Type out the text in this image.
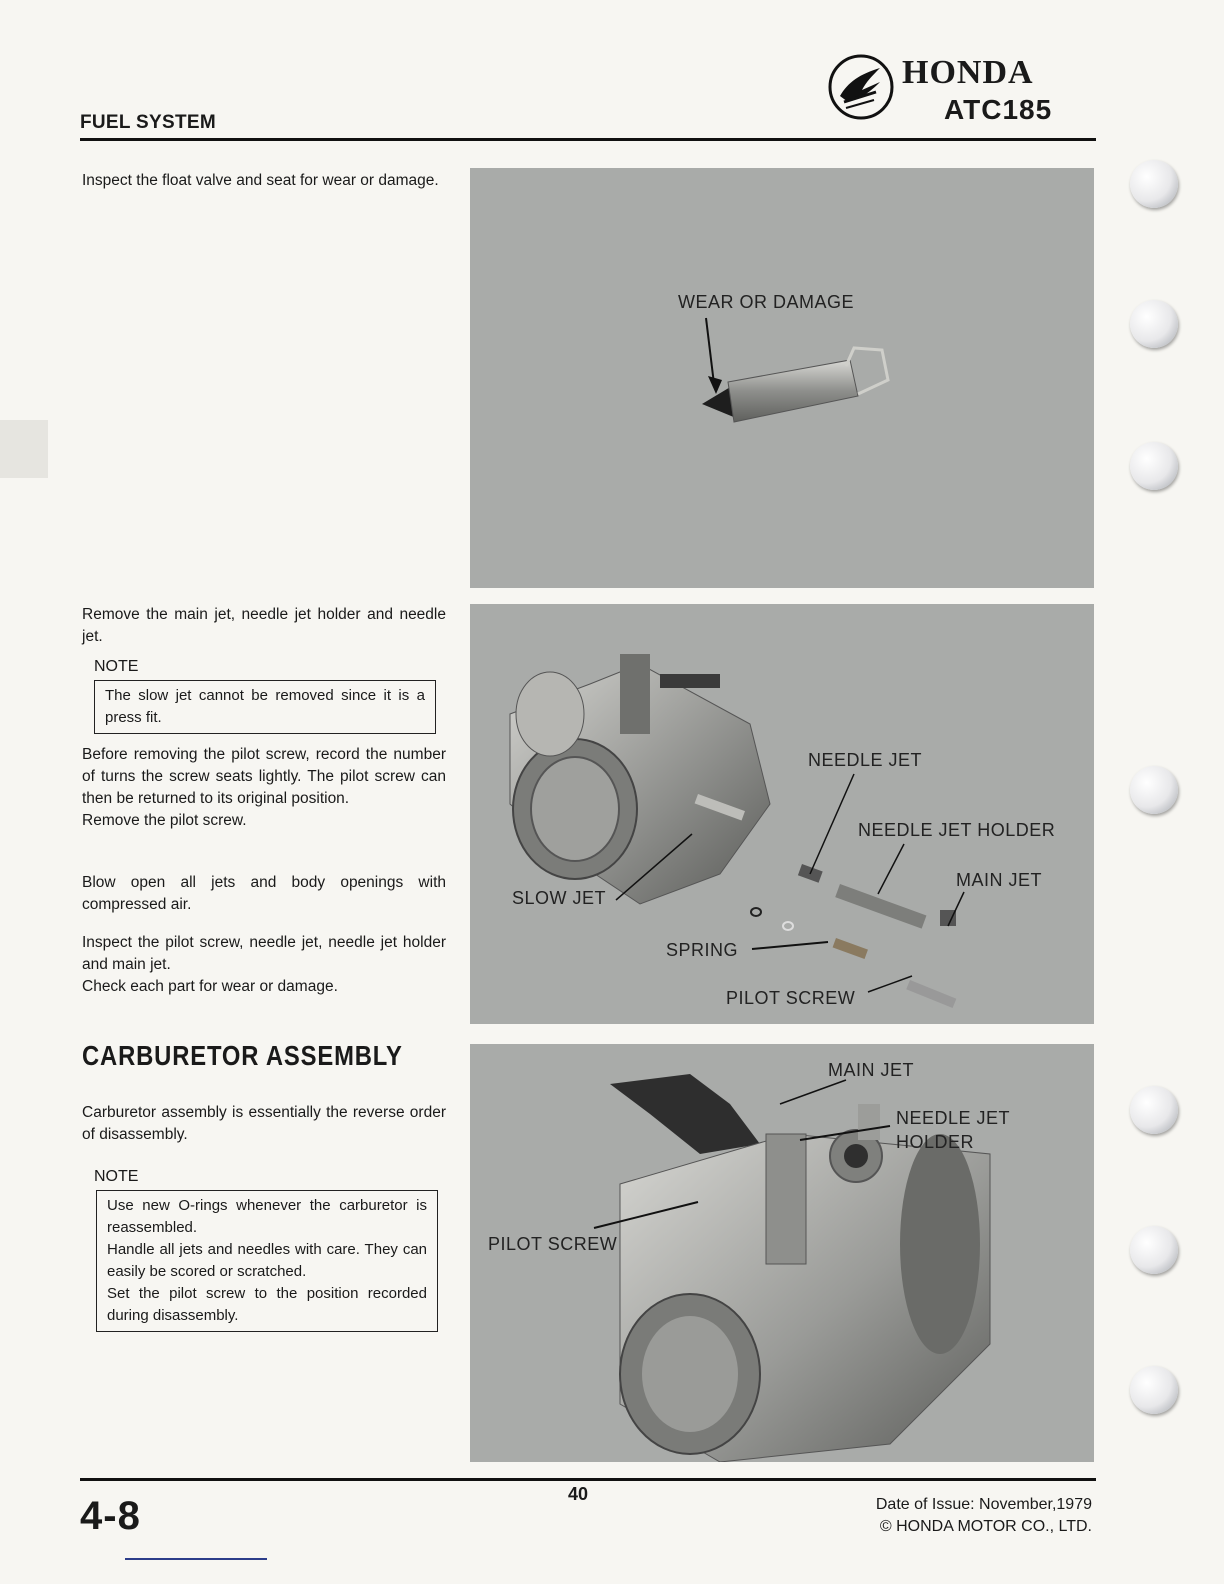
FUEL SYSTEM
HONDA
ATC185
Inspect the float valve and seat for wear or damage.
Remove the main jet, needle jet holder and needle jet.
NOTE
The slow jet cannot be removed since it is a press fit.
Before removing the pilot screw, record the number of turns the screw seats lightly. The pilot screw can then be returned to its original position.
Remove the pilot screw.
Blow open all jets and body openings with compressed air.
Inspect the pilot screw, needle jet, needle jet holder and main jet.
Check each part for wear or damage.
CARBURETOR ASSEMBLY
Carburetor assembly is essentially the reverse order of disassembly.
NOTE
Use new O-rings whenever the carburetor is reassembled.
Handle all jets and needles with care. They can easily be scored or scratched.
Set the pilot screw to the position recorded during disassembly.
WEAR OR DAMAGE
NEEDLE JET
NEEDLE JET HOLDER
MAIN JET
SLOW JET
SPRING
PILOT SCREW
MAIN JET
NEEDLE JET
HOLDER
PILOT SCREW
4-8	40
Date of Issue: November,1979
© HONDA MOTOR CO., LTD.
